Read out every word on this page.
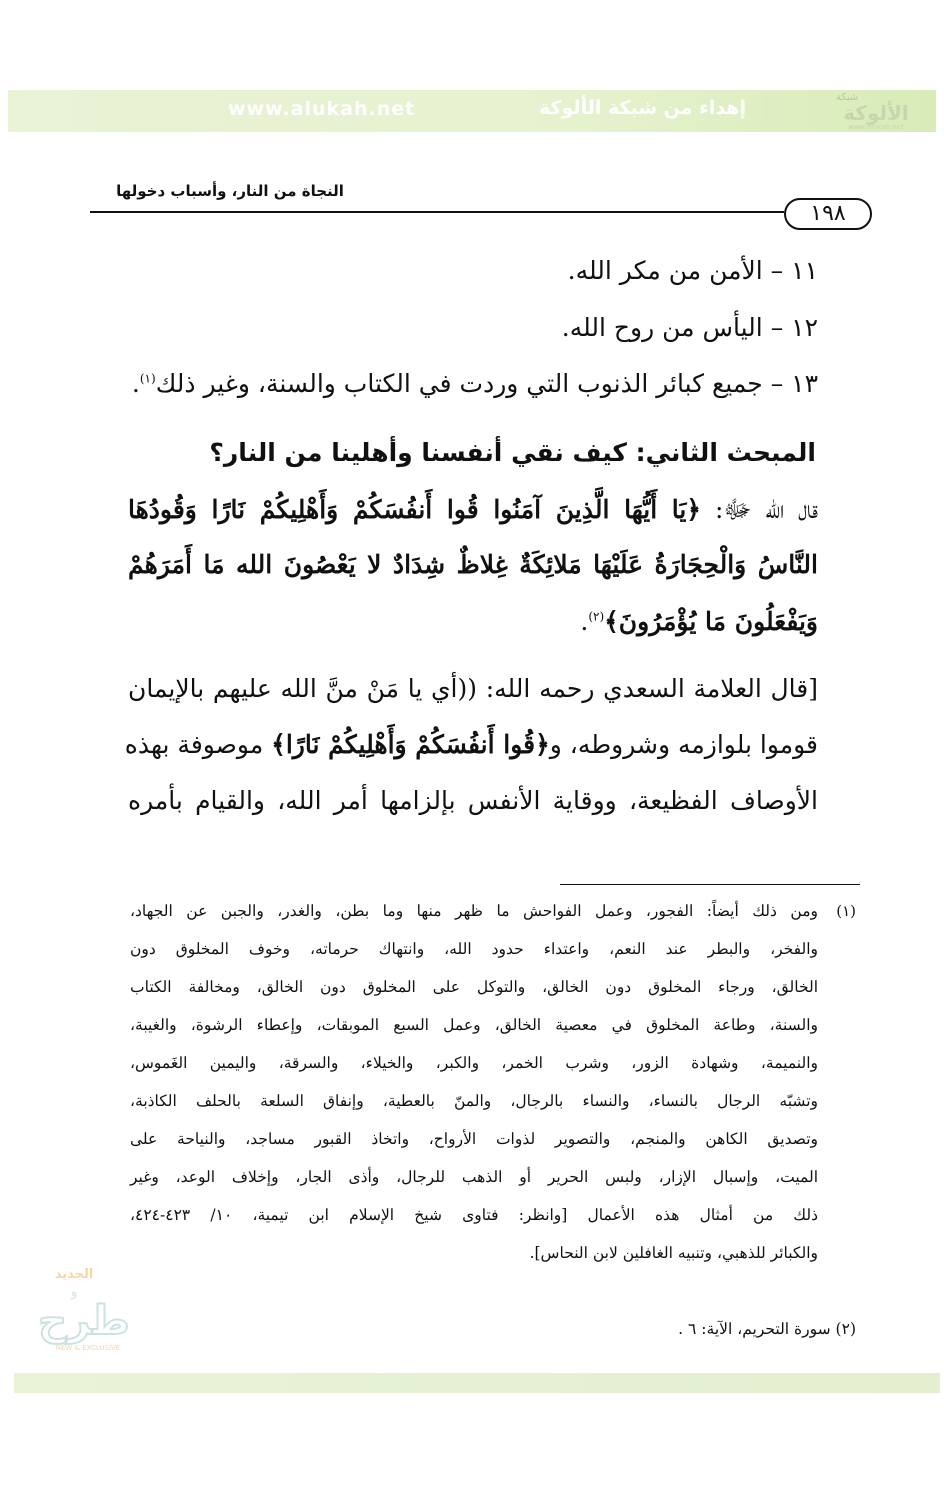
شبكة
الألوكة
www.alukah.net
إهداء من شبكة الألوكة
www.alukah.net
النجاة من النار، وأسباب دخولها
١٩٨
١١ – الأمن من مكر الله.
١٢ – اليأس من روح الله.
١٣ – جميع كبائر الذنوب التي وردت في الكتاب والسنة، وغير ذلك$^{(١)}$.
المبحث الثاني: كيف نقي أنفسنا وأهلينا من النار؟
قال الله ﷻ: ﴿يَا أَيُّهَا الَّذِينَ آمَنُوا قُوا أَنفُسَكُمْ وَأَهْلِيكُمْ نَارًا وَقُودُهَا
النَّاسُ وَالْحِجَارَةُ عَلَيْهَا مَلائِكَةٌ غِلاظٌ شِدَادٌ لا يَعْصُونَ الله مَا أَمَرَهُمْ
وَيَفْعَلُونَ مَا يُؤْمَرُونَ﴾$^{(٢)}$.
[قال العلامة السعدي رحمه الله: ((أي يا مَنْ منَّ الله عليهم بالإيمان
قوموا بلوازمه وشروطه، و﴿قُوا أَنفُسَكُمْ وَأَهْلِيكُمْ نَارًا﴾ موصوفة بهذه
الأوصاف الفظيعة، ووقاية الأنفس بإلزامها أمر الله، والقيام بأمره
(١)
ومن ذلك أيضاً: الفجور، وعمل الفواحش ما ظهر منها وما بطن، والغدر، والجبن عن الجهاد،
والفخر، والبطر عند النعم، واعتداء حدود الله، وانتهاك حرماته، وخوف المخلوق دون
الخالق، ورجاء المخلوق دون الخالق، والتوكل على المخلوق دون الخالق، ومخالفة الكتاب
والسنة، وطاعة المخلوق في معصية الخالق، وعمل السبع الموبقات، وإعطاء الرشوة، والغيبة،
والنميمة، وشهادة الزور، وشرب الخمر، والكبر، والخيلاء، والسرقة، واليمين الغَموس،
وتشبّه الرجال بالنساء، والنساء بالرجال، والمنّ بالعطية، وإنفاق السلعة بالحلف الكاذبة،
وتصديق الكاهن والمنجم، والتصوير لذوات الأرواح، واتخاذ القبور مساجد، والنياحة على
الميت، وإسبال الإزار، ولبس الحرير أو الذهب للرجال، وأذى الجار، وإخلاف الوعد، وغير
ذلك من أمثال هذه الأعمال [وانظر: فتاوى شيخ الإسلام ابن تيمية، ١٠/ ٤٢٣-٤٢٤،
والكبائر للذهبي، وتنبيه الغافلين لابن النحاس].
(٢) سورة التحريم، الآية: ٦ .
الجديد
و
طرح
NEW & EXCLUSIVE
